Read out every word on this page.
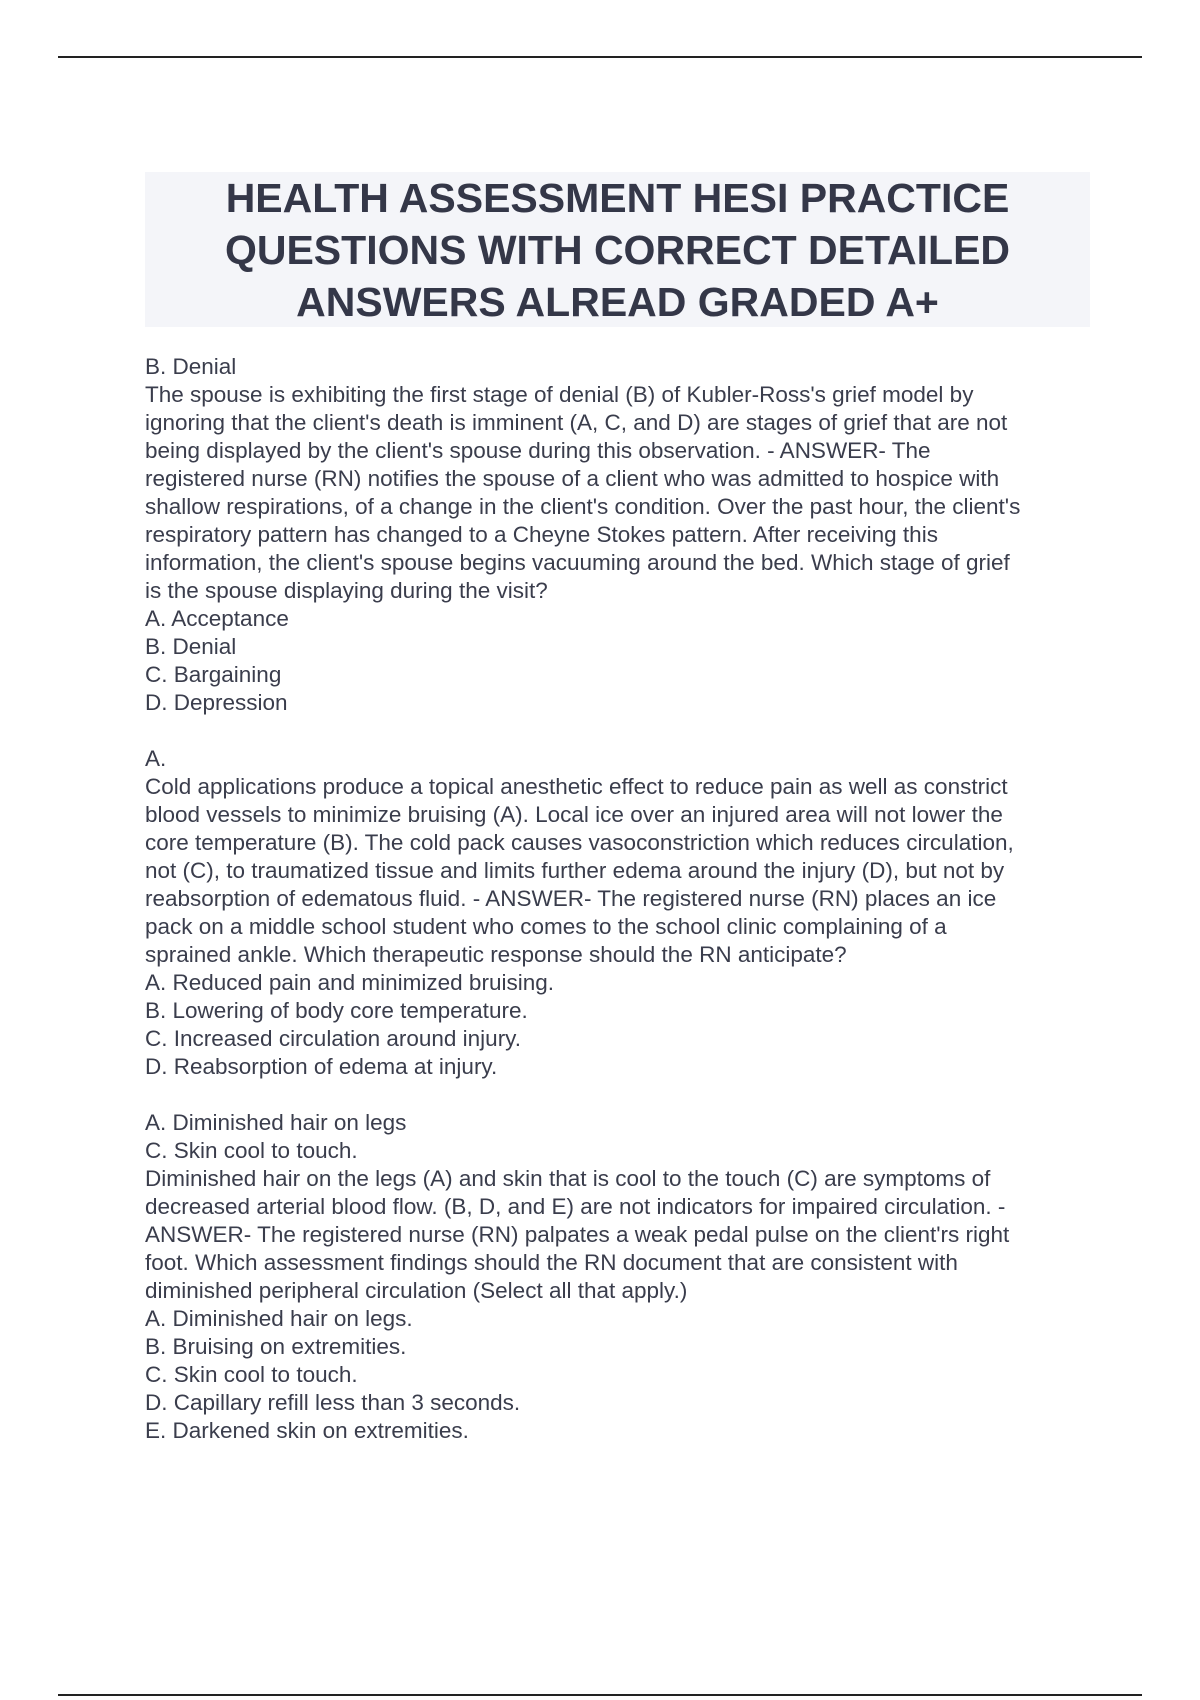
HEALTH ASSESSMENT HESI PRACTICE
QUESTIONS WITH CORRECT DETAILED
ANSWERS ALREAD GRADED A+
B. Denial
The spouse is exhibiting the first stage of denial (B) of Kubler-Ross's grief model by
ignoring that the client's death is imminent (A, C, and D) are stages of grief that are not
being displayed by the client's spouse during this observation. - ANSWER- The
registered nurse (RN) notifies the spouse of a client who was admitted to hospice with
shallow respirations, of a change in the client's condition. Over the past hour, the client's
respiratory pattern has changed to a Cheyne Stokes pattern. After receiving this
information, the client's spouse begins vacuuming around the bed. Which stage of grief
is the spouse displaying during the visit?
A. Acceptance
B. Denial
C. Bargaining
D. Depression
A.
Cold applications produce a topical anesthetic effect to reduce pain as well as constrict
blood vessels to minimize bruising (A). Local ice over an injured area will not lower the
core temperature (B). The cold pack causes vasoconstriction which reduces circulation,
not (C), to traumatized tissue and limits further edema around the injury (D), but not by
reabsorption of edematous fluid. - ANSWER- The registered nurse (RN) places an ice
pack on a middle school student who comes to the school clinic complaining of a
sprained ankle. Which therapeutic response should the RN anticipate?
A. Reduced pain and minimized bruising.
B. Lowering of body core temperature.
C. Increased circulation around injury.
D. Reabsorption of edema at injury.
A. Diminished hair on legs
C. Skin cool to touch.
Diminished hair on the legs (A) and skin that is cool to the touch (C) are symptoms of
decreased arterial blood flow. (B, D, and E) are not indicators for impaired circulation. -
ANSWER- The registered nurse (RN) palpates a weak pedal pulse on the client'rs right
foot. Which assessment findings should the RN document that are consistent with
diminished peripheral circulation (Select all that apply.)
A. Diminished hair on legs.
B. Bruising on extremities.
C. Skin cool to touch.
D. Capillary refill less than 3 seconds.
E. Darkened skin on extremities.
